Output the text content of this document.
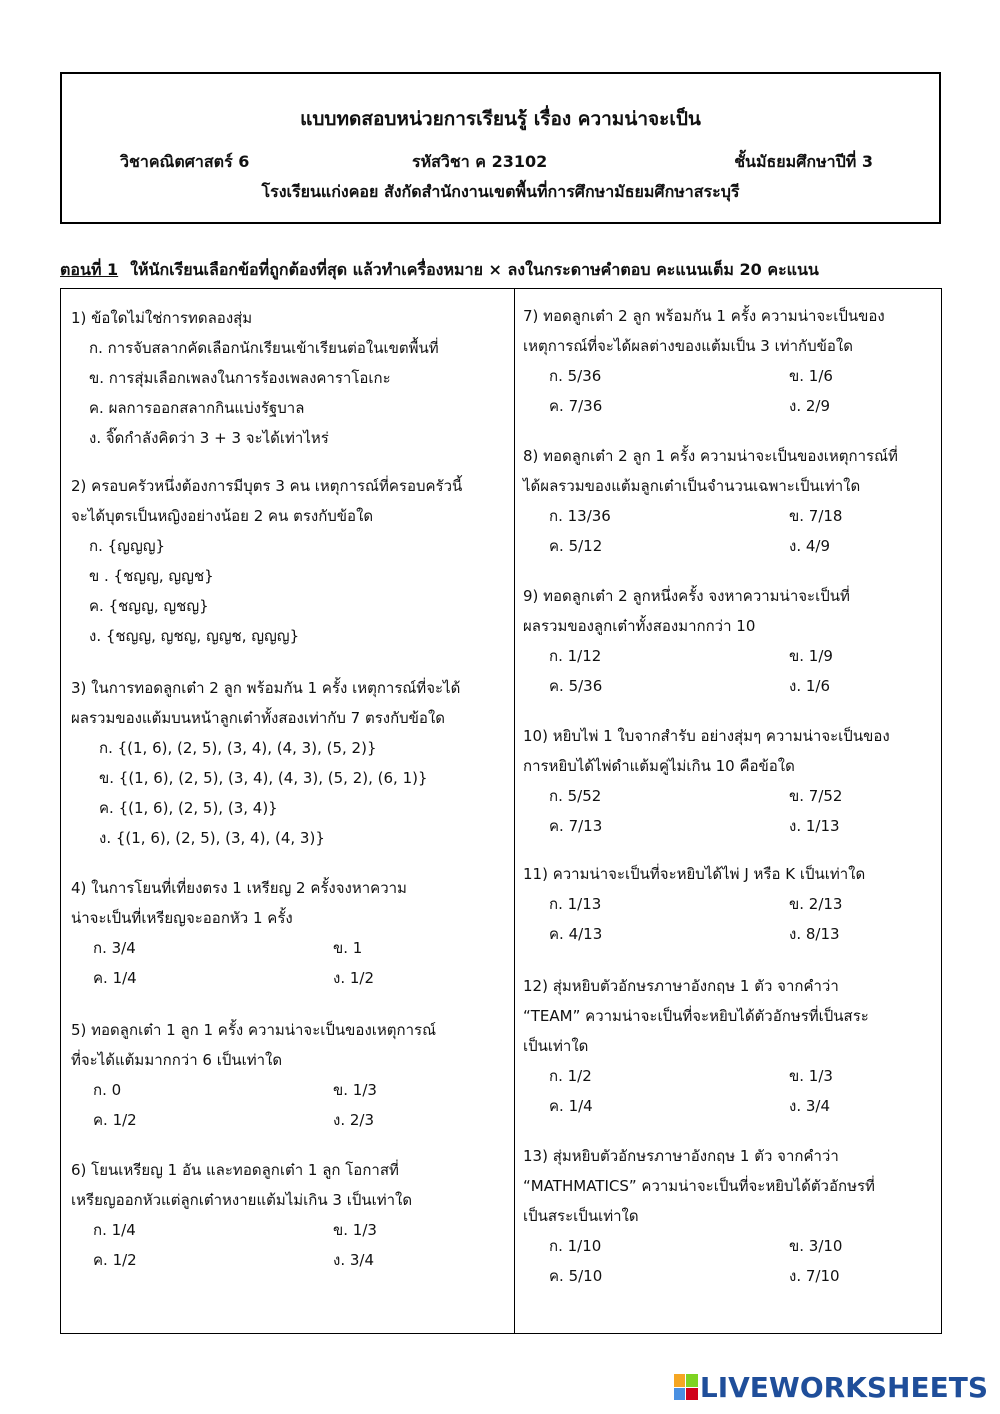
แบบทดสอบหน่วยการเรียนรู้ เรื่อง ความน่าจะเป็น
วิชาคณิตศาสตร์ 6	รหัสวิชา ค 23102	ชั้นมัธยมศึกษาปีที่ 3
โรงเรียนแก่งคอย สังกัดสำนักงานเขตพื้นที่การศึกษามัธยมศึกษาสระบุรี
ตอนที่ 1 ให้นักเรียนเลือกข้อที่ถูกต้องที่สุด แล้วทำเครื่องหมาย × ลงในกระดาษคำตอบ คะแนนเต็ม 20 คะแนน
1) ข้อใดไม่ใช่การทดลองสุ่ม
ก. การจับสลากคัดเลือกนักเรียนเข้าเรียนต่อในเขตพื้นที่
ข. การสุ่มเลือกเพลงในการร้องเพลงคาราโอเกะ
ค. ผลการออกสลากกินแบ่งรัฐบาล
ง. จิ๊ดกำลังคิดว่า 3 + 3 จะได้เท่าไหร่
2) ครอบครัวหนึ่งต้องการมีบุตร 3 คน เหตุการณ์ที่ครอบครัวนี้
จะได้บุตรเป็นหญิงอย่างน้อย 2 คน ตรงกับข้อใด
ก. {ญญญ}
ข . {ชญญ, ญญช}
ค. {ชญญ, ญชญ}
ง. {ชญญ, ญชญ, ญญช, ญญญ}
3) ในการทอดลูกเต๋า 2 ลูก พร้อมกัน 1 ครั้ง เหตุการณ์ที่จะได้
ผลรวมของแต้มบนหน้าลูกเต๋าทั้งสองเท่ากับ 7 ตรงกับข้อใด
ก. {(1, 6), (2, 5), (3, 4), (4, 3), (5, 2)}
ข. {(1, 6), (2, 5), (3, 4), (4, 3), (5, 2), (6, 1)}
ค. {(1, 6), (2, 5), (3, 4)}
ง. {(1, 6), (2, 5), (3, 4), (4, 3)}
4) ในการโยนที่เที่ยงตรง 1 เหรียญ 2 ครั้งจงหาความ
น่าจะเป็นที่เหรียญจะออกหัว 1 ครั้ง
ก. 3/4	ข. 1
ค. 1/4	ง. 1/2
5) ทอดลูกเต๋า 1 ลูก 1 ครั้ง ความน่าจะเป็นของเหตุการณ์
ที่จะได้แต้มมากกว่า 6 เป็นเท่าใด
ก. 0	ข. 1/3
ค. 1/2	ง. 2/3
6) โยนเหรียญ 1 อัน และทอดลูกเต๋า 1 ลูก โอกาสที่
เหรียญออกหัวแต่ลูกเต๋าหงายแต้มไม่เกิน 3 เป็นเท่าใด
ก. 1/4	ข. 1/3
ค. 1/2	ง. 3/4
7) ทอดลูกเต๋า 2 ลูก พร้อมกัน 1 ครั้ง ความน่าจะเป็นของ
เหตุการณ์ที่จะได้ผลต่างของแต้มเป็น 3 เท่ากับข้อใด
ก. 5/36	ข. 1/6
ค. 7/36	ง. 2/9
8) ทอดลูกเต๋า 2 ลูก 1 ครั้ง ความน่าจะเป็นของเหตุการณ์ที่
ได้ผลรวมของแต้มลูกเต๋าเป็นจำนวนเฉพาะเป็นเท่าใด
ก. 13/36	ข. 7/18
ค. 5/12	ง. 4/9
9) ทอดลูกเต๋า 2 ลูกหนึ่งครั้ง จงหาความน่าจะเป็นที่
ผลรวมของลูกเต๋าทั้งสองมากกว่า 10
ก. 1/12	ข. 1/9
ค. 5/36	ง. 1/6
10) หยิบไพ่ 1 ใบจากสำรับ อย่างสุ่มๆ ความน่าจะเป็นของ
การหยิบได้ไพ่ดำแต้มคู่ไม่เกิน 10 คือข้อใด
ก. 5/52	ข. 7/52
ค. 7/13	ง. 1/13
11) ความน่าจะเป็นที่จะหยิบได้ไพ่ J หรือ K เป็นเท่าใด
ก. 1/13	ข. 2/13
ค. 4/13	ง. 8/13
12) สุ่มหยิบตัวอักษรภาษาอังกฤษ 1 ตัว จากคำว่า
“TEAM” ความน่าจะเป็นที่จะหยิบได้ตัวอักษรที่เป็นสระ
เป็นเท่าใด
ก. 1/2	ข. 1/3
ค. 1/4	ง. 3/4
13) สุ่มหยิบตัวอักษรภาษาอังกฤษ 1 ตัว จากคำว่า
“MATHMATICS” ความน่าจะเป็นที่จะหยิบได้ตัวอักษรที่
เป็นสระเป็นเท่าใด
ก. 1/10	ข. 3/10
ค. 5/10	ง. 7/10
LIVEWORKSHEETS
